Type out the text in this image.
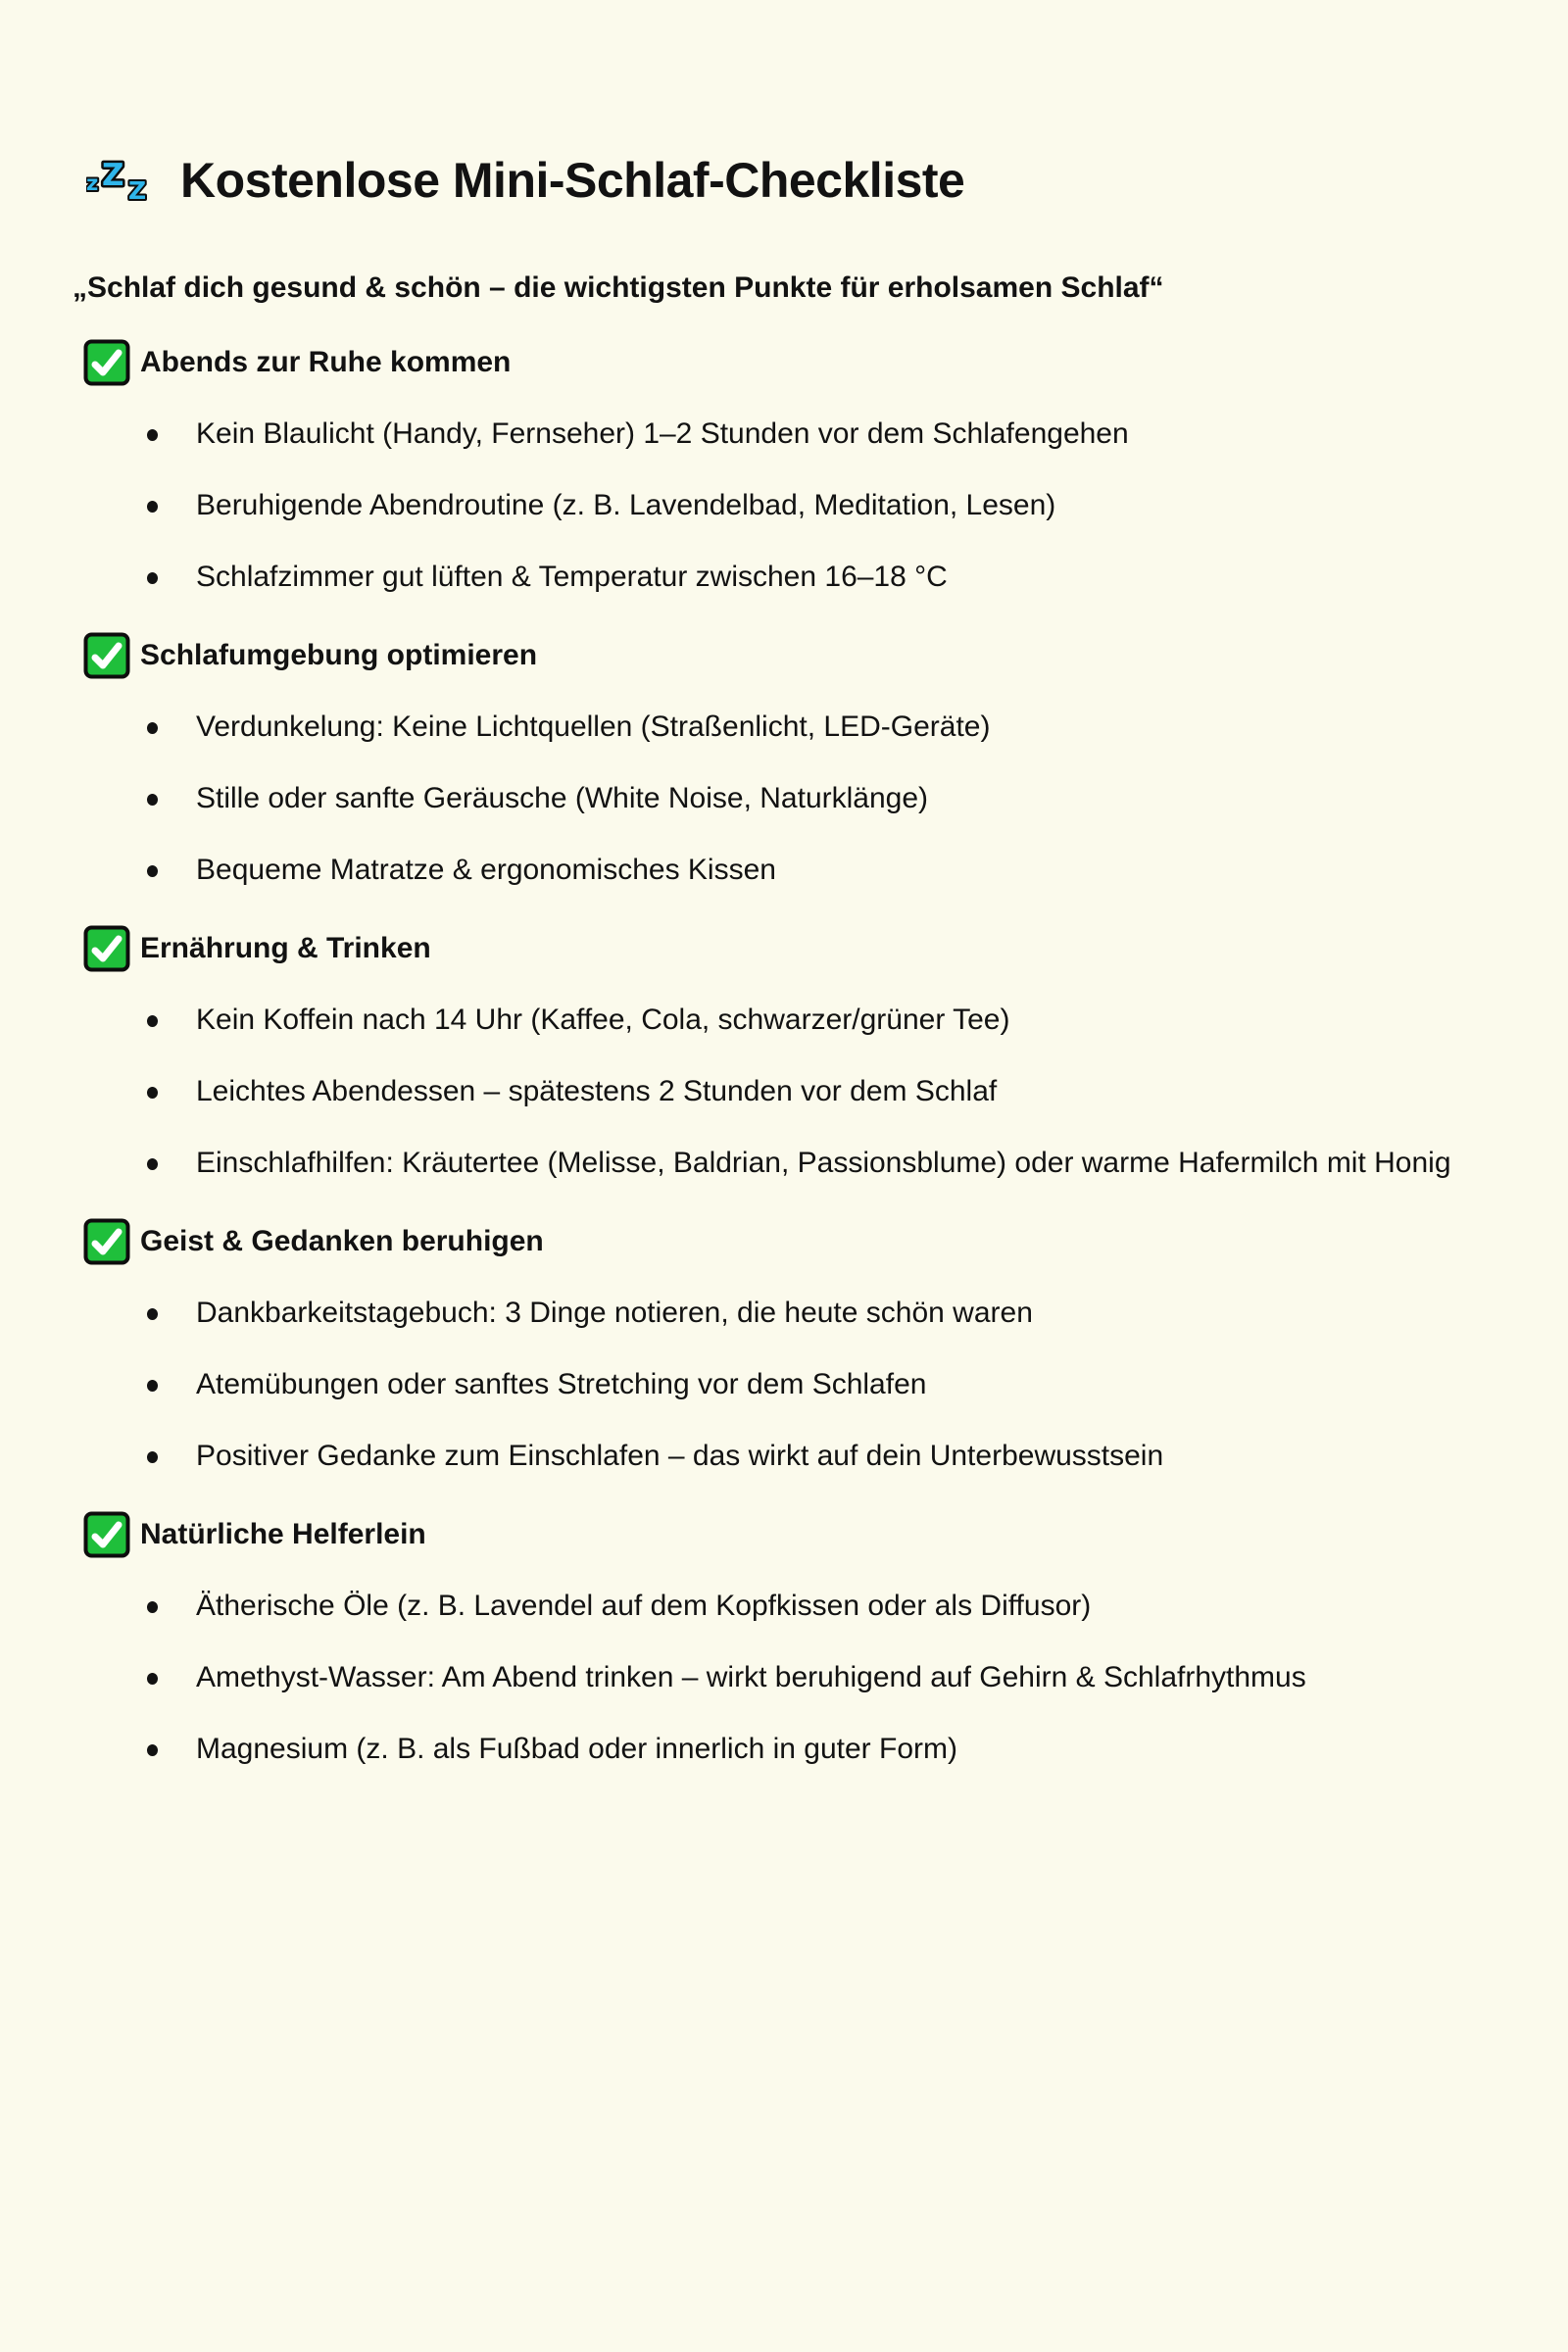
z Z Z Kostenlose Mini-Schlaf-Checkliste
„Schlaf dich gesund & schön – die wichtigsten Punkte für erholsamen Schlaf“
Abends zur Ruhe kommen
Kein Blaulicht (Handy, Fernseher) 1–2 Stunden vor dem Schlafengehen
Beruhigende Abendroutine (z. B. Lavendelbad, Meditation, Lesen)
Schlafzimmer gut lüften & Temperatur zwischen 16–18 °C
Schlafumgebung optimieren
Verdunkelung: Keine Lichtquellen (Straßenlicht, LED-Geräte)
Stille oder sanfte Geräusche (White Noise, Naturklänge)
Bequeme Matratze & ergonomisches Kissen
Ernährung & Trinken
Kein Koffein nach 14 Uhr (Kaffee, Cola, schwarzer/grüner Tee)
Leichtes Abendessen – spätestens 2 Stunden vor dem Schlaf
Einschlafhilfen: Kräutertee (Melisse, Baldrian, Passionsblume) oder warme Hafermilch mit Honig
Geist & Gedanken beruhigen
Dankbarkeitstagebuch: 3 Dinge notieren, die heute schön waren
Atemübungen oder sanftes Stretching vor dem Schlafen
Positiver Gedanke zum Einschlafen – das wirkt auf dein Unterbewusstsein
Natürliche Helferlein
Ätherische Öle (z. B. Lavendel auf dem Kopfkissen oder als Diffusor)
Amethyst-Wasser: Am Abend trinken – wirkt beruhigend auf Gehirn & Schlafrhythmus
Magnesium (z. B. als Fußbad oder innerlich in guter Form)
